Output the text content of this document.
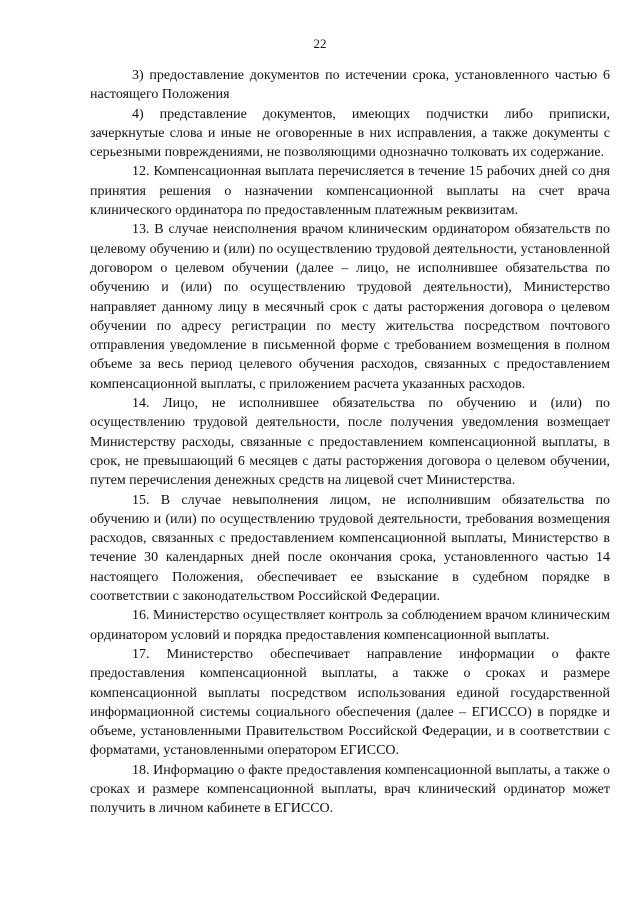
22

3) предоставление документов по истечении срока, установленного частью 6 настоящего Положения

4) представление документов, имеющих подчистки либо приписки, зачеркнутые слова и иные не оговоренные в них исправления, а также документы с серьезными повреждениями, не позволяющими однозначно толковать их содержание.

12. Компенсационная выплата перечисляется в течение 15 рабочих дней со дня принятия решения о назначении компенсационной выплаты на счет врача клинического ординатора по предоставленным платежным реквизитам.

13. В случае неисполнения врачом клиническим ординатором обязательств по целевому обучению и (или) по осуществлению трудовой деятельности, установленной договором о целевом обучении (далее – лицо, не исполнившее обязательства по обучению и (или) по осуществлению трудовой деятельности), Министерство направляет данному лицу в месячный срок с даты расторжения договора о целевом обучении по адресу регистрации по месту жительства посредством почтового отправления уведомление в письменной форме с требованием возмещения в полном объеме за весь период целевого обучения расходов, связанных с предоставлением компенсационной выплаты, с приложением расчета указанных расходов.

14. Лицо, не исполнившее обязательства по обучению и (или) по осуществлению трудовой деятельности, после получения уведомления возмещает Министерству расходы, связанные с предоставлением компенсационной выплаты, в срок, не превышающий 6 месяцев с даты расторжения договора о целевом обучении, путем перечисления денежных средств на лицевой счет Министерства.

15. В случае невыполнения лицом, не исполнившим обязательства по обучению и (или) по осуществлению трудовой деятельности, требования возмещения расходов, связанных с предоставлением компенсационной выплаты, Министерство в течение 30 календарных дней после окончания срока, установленного частью 14 настоящего Положения, обеспечивает ее взыскание в судебном порядке в соответствии с законодательством Российской Федерации.

16. Министерство осуществляет контроль за соблюдением врачом клиническим ординатором условий и порядка предоставления компенсационной выплаты.

17. Министерство обеспечивает направление информации о факте предоставления компенсационной выплаты, а также о сроках и размере компенсационной выплаты посредством использования единой государственной информационной системы социального обеспечения (далее – ЕГИССО) в порядке и объеме, установленными Правительством Российской Федерации, и в соответствии с форматами, установленными оператором ЕГИССО.

18. Информацию о факте предоставления компенсационной выплаты, а также о сроках и размере компенсационной выплаты, врач клинический ординатор может получить в личном кабинете в ЕГИССО.
